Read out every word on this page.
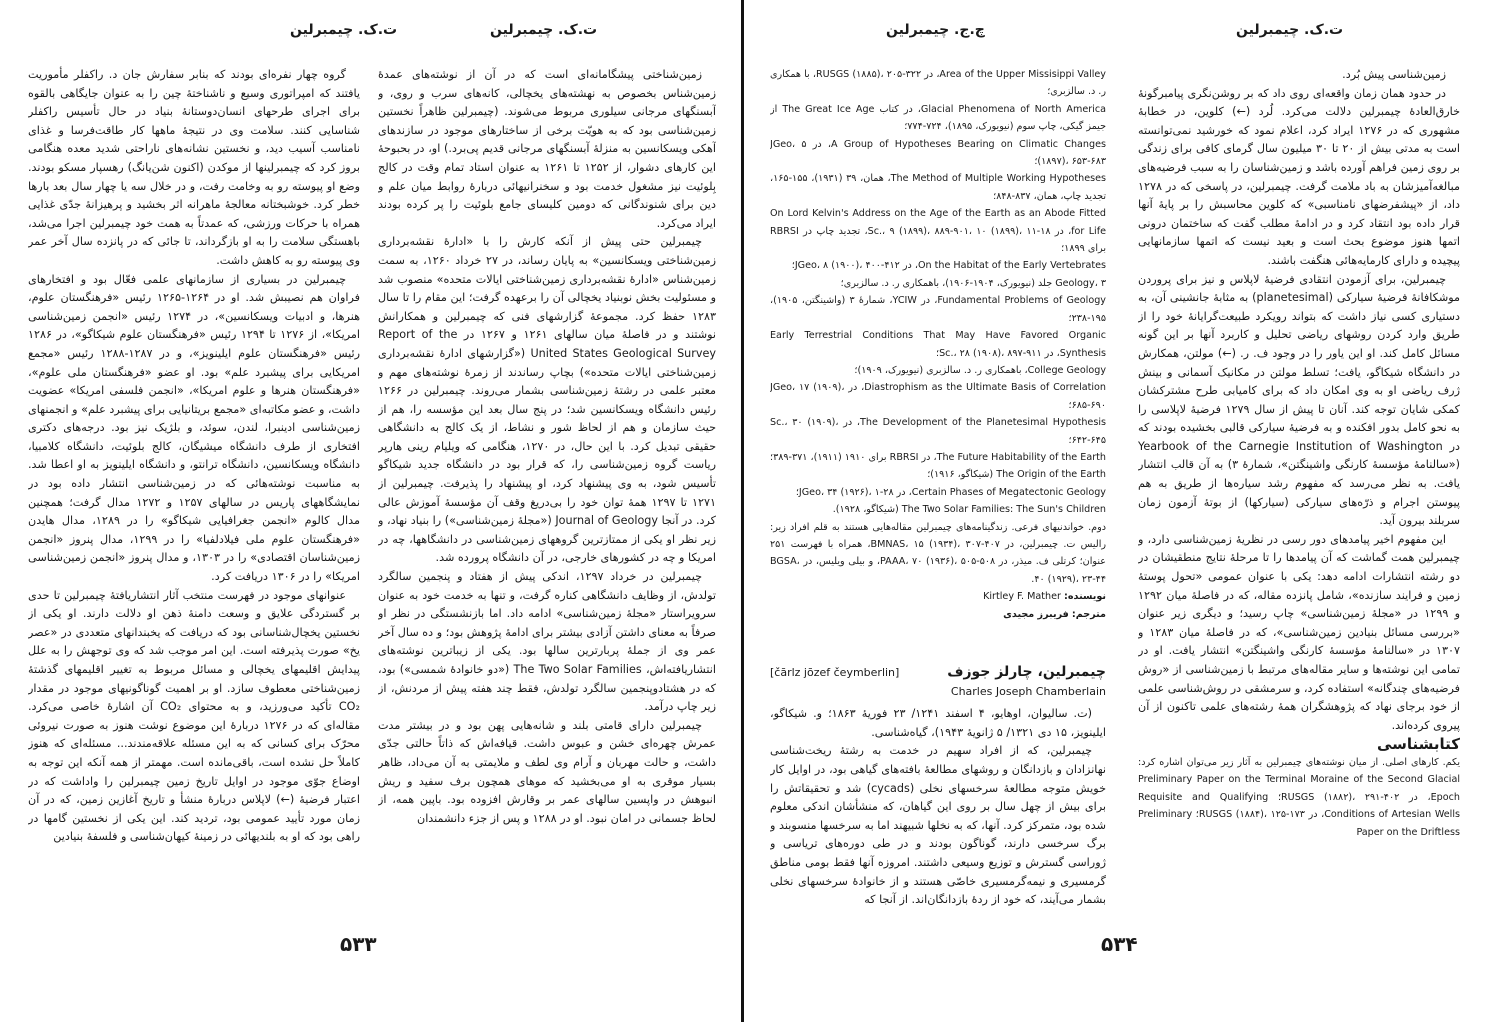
ت.ک. چیمبرلین	ت.ک. چیمبرلین

زمین‌شناختی پیشگامانه‌ای است که در آن از نوشته‌های عمدهٔ زمین‌شناس بخصوص به نهشته‌های یخچالی، کانه‌های سرب و روی، و آبسنگهای مرجانی سیلوری مربوط می‌شوند. (چیمبرلین ظاهراً نخستین زمین‌شناسی بود که به هویّت برخی از ساختارهای موجود در سازندهای آهکی ویسکانسین به منزلهٔ آبسنگهای مرجانی قدیم پی‌برد.) او، در بحبوحهٔ این کارهای دشوار، از ۱۲۵۲ تا ۱۲۶۱ به عنوان استاد تمام وقت در کالج بِلوئیت نیز مشغول خدمت بود و سخنرانیهائی دربارهٔ روابط میان علم و دین برای شنوندگانی که دومین کلیسای جامع بلوئیت را پر کرده بودند ایراد می‌کرد.

چیمبرلین حتی پیش از آنکه کارش را با «ادارهٔ نقشه‌برداری زمین‌شناختی ویسکانسین» به پایان رساند، در ۲۷ خرداد ۱۲۶۰، به سمت زمین‌شناس «ادارهٔ نقشه‌برداری زمین‌شناختی ایالات متحده» منصوب شد و مسئولیت بخش نوبنیاد یخچالی آن را برعهده گرفت؛ این مقام را تا سال ۱۲۸۳ حفظ کرد. مجموعهٔ گزارشهای فنی که چیمبرلین و همکارانش نوشتند و در فاصلهٔ میان سالهای ۱۲۶۱ و ۱۲۶۷ در Report of the United States Geological Survey («گزارشهای ادارهٔ نقشه‌برداری زمین‌شناختی ایالات متحده») بچاپ رساندند از زمرهٔ نوشته‌های مهم و معتبر علمی در رشتهٔ زمین‌شناسی بشمار می‌روند. چیمبرلین در ۱۲۶۶ رئیس دانشگاه ویسکانسین شد؛ در پنج سال بعد این مؤسسه را، هم از حیث سازمان و هم از لحاظ شور و نشاط، از یک کالج به دانشگاهی حقیقی تبدیل کرد. با این حال، در ۱۲۷۰، هنگامی که ویلیام رینی هارپر ریاست گروه زمین‌شناسی را، که قرار بود در دانشگاه جدید شیکاگو تأسیس شود، به وی پیشنهاد کرد، او پیشنهاد را پذیرفت. چیمبرلین از ۱۲۷۱ تا ۱۲۹۷ همهٔ توان خود را بی‌دریغ وقف آن مؤسسهٔ آموزش عالی کرد. در آنجا Journal of Geology («مجلهٔ زمین‌شناسی») را بنیاد نهاد، و زیر نظر او یکی از ممتازترین گروههای زمین‌شناسی در دانشگاهها، چه در امریکا و چه در کشورهای خارجی، در آن دانشگاه پرورده شد.

چیمبرلین در خرداد ۱۲۹۷، اندکی پیش از هفتاد و پنجمین سالگرد تولدش، از وظایف دانشگاهی کناره گرفت، و تنها به خدمت خود به عنوان سرویراستار «مجلهٔ زمین‌شناسی» ادامه داد. اما بازنشستگی در نظر او صرفاً به معنای داشتن آزادی بیشتر برای ادامهٔ پژوهش بود؛ و ده سال آخر عمر وی از جملهٔ پربارترین سالها بود. یکی از زیباترین نوشته‌های انتشاریافته‌اش، The Two Solar Families («دو خانوادهٔ شمسی») بود، که در هشتادوپنجمین سالگرد تولدش، فقط چند هفته پیش از مردنش، از زیر چاپ درآمد.

چیمبرلین دارای قامتی بلند و شانه‌هایی پهن بود و در بیشتر مدت عمرش چهره‌ای خشن و عبوس داشت. قیافه‌اش که ذاتاً حالتی جدّی داشت، و حالت مهربان و آرام وی لطف و ملایمتی به آن می‌داد، ظاهر بسیار موقری به او می‌بخشید که موهای همچون برف سفید و ریش انبوهش در واپسین سالهای عمر بر وقارش افزوده بود. باپین همه، از لحاظ جسمانی در امان نبود. او در ۱۲۸۸ و پس از جزء دانشمندان

گروه چهار نفره‌ای بودند که بنابر سفارش جان د. راکفلر مأموریت یافتند که امپراتوری وسیع و ناشناختهٔ چین را به عنوان جایگاهی بالقوه برای اجرای طرحهای انسان‌دوستانهٔ بنیاد در حال تأسیس راکفلر شناسایی کنند. سلامت وی در نتیجهٔ ماهها کار طاقت‌فرسا و غذای نامناسب آسیب دید، و نخستین نشانه‌های ناراحتی شدید معده هنگامی بروز کرد که چیمبرلینها از موکدن (اکنون شن‌یانگ) رهسپار مسکو بودند. وضع او پیوسته رو به وخامت رفت، و در خلال سه یا چهار سال بعد بارها خطر کرد. خوشبختانه معالجهٔ ماهرانه اثر بخشید و پرهیزانهٔ جدّی غذایی همراه با حرکات ورزشی، که عمدتاً به همت خود چیمبرلین اجرا می‌شد، باهستگی سلامت را به او بازگرداند، تا جائی که در پانزده سال آخر عمر وی پیوسته رو به کاهش داشت.

چیمبرلین در بسیاری از سازمانهای علمی فعّال بود و افتخارهای فراوان هم نصیبش شد. او در ۱۲۶۴-۱۲۶۵ رئیس «فرهنگستان علوم، هنرها، و ادبیات ویسکانسین»، در ۱۲۷۴ رئیس «انجمن زمین‌شناسی امریکا»، از ۱۲۷۶ تا ۱۲۹۴ رئیس «فرهنگستان علوم شیکاگو»، در ۱۲۸۶ رئیس «فرهنگستان علوم ایلینویز»، و در ۱۲۸۷-۱۲۸۸ رئیس «مجمع امریکایی برای پیشبرد علم» بود. او عضو «فرهنگستان ملی علوم»، «فرهنگستان هنرها و علوم امریکا»، «انجمن فلسفی امریکا» عضویت داشت، و عضو مکاتبه‌ای «مجمع بریتانیایی برای پیشبرد علم» و انجمنهای زمین‌شناسی ادینبرا، لندن، سوئد، و بلژیک نیز بود. درجه‌های دکتری افتخاری از طرف دانشگاه میشیگان، کالج بلوئیت، دانشگاه کلامبیا، دانشگاه ویسکانسین، دانشگاه ترانتو، و دانشگاه ایلینویز به او اعطا شد. به مناسبت نوشته‌هائی که در زمین‌شناسی انتشار داده بود در نمایشگاههای پاریس در سالهای ۱۲۵۷ و ۱۲۷۲ مدال گرفت؛ همچنین مدال کالوم «انجمن جغرافیایی شیکاگو» را در ۱۲۸۹، مدال هایدن «فرهنگستان علوم ملی فیلادلفیا» را در ۱۲۹۹، مدال پنروز «انجمن زمین‌شناسان اقتصادی» را در ۱۳۰۳، و مدال پنروز «انجمن زمین‌شناسی امریکا» را در ۱۳۰۶ دریافت کرد.

عنوانهای موجود در فهرست منتخب آثار انتشاریافتهٔ چیمبرلین تا حدی بر گستردگی علایق و وسعت دامنهٔ ذهن او دلالت دارند. او یکی از نخستین یخچال‌شناسانی بود که دریافت که یخبندانهای متعددی در «عصر یخ» صورت پذیرفته است. این امر موجب شد که وی توجهش را به علل پیدایش اقلیمهای یخچالی و مسائل مربوط به تغییر اقلیمهای گذشتهٔ زمین‌شناختی معطوف سازد. او بر اهمیت گوناگونیهای موجود در مقدار CO₂ تأکید می‌ورزید، و به محتوای CO₂ آن اشارهٔ خاصی می‌کرد. مقاله‌ای که در ۱۲۷۶ دربارهٔ این موضوع نوشت هنوز به صورت نیروئی محرّک برای کسانی که به این مسئله علاقه‌مندند... مسئله‌ای که هنوز کاملاً حل نشده است، باقی‌مانده است. مهمتر از همه آنکه این توجه به اوضاع جوّی موجود در اوایل تاریخ زمین چیمبرلین را واداشت که در اعتبار فرضیهٔ (←) لاپلاس دربارهٔ منشأ و تاریخ آغازین زمین، که در آن زمان مورد تأیید عمومی بود، تردید کند. این یکی از نخستین گامها در راهی بود که او به بلندیهائی در زمینهٔ کیهان‌شناسی و فلسفهٔ بنیادین

۵۳۳
ت.ک. چیمبرلین
چ.ج. چیمبرلین

زمین‌شناسی پیش بُرد.

در حدود همان زمان واقعه‌ای روی داد که بر روشن‌نگری پیامبرگونهٔ خارق‌العادهٔ چیمبرلین دلالت می‌کرد. لُرد (←) کلوین، در خطابهٔ مشهوری که در ۱۲۷۶ ایراد کرد، اعلام نمود که خورشید نمی‌توانسته است به مدتی بیش از ۲۰ تا ۳۰ میلیون سال گرمای کافی برای زندگی بر روی زمین فراهم آورده باشد و زمین‌شناسان را به سبب فرضیه‌های مبالغه‌آمیزشان به باد ملامت گرفت. چیمبرلین، در پاسخی که در ۱۲۷۸ داد، از «پیشفرضهای نامناسبی» که کلوین محاسبش را بر پایهٔ آنها قرار داده بود انتقاد کرد و در ادامهٔ مطلب گفت که ساختمان درونی اتمها هنوز موضوع بحث است و بعید نیست که اتمها سازمانهایی پیچیده و دارای کارمایه‌هائی هنگفت باشند.

چیمبرلین، برای آزمودن انتقادی فرضیهٔ لاپلاس و نیز برای پروردن موشکافانهٔ فرضیهٔ سیارکی (planetesimal) به مثابهٔ جانشینی آن، به دستیاری کسی نیاز داشت که بتواند رویکرد طبیعت‌گرایانهٔ خود را از طریق وارد کردن روشهای ریاضی تحلیل و کاربرد آنها بر این گونه مسائل کامل کند. او این یاور را در وجود ف. ر. (←) مولتن، همکارش در دانشگاه شیکاگو، یافت؛ تسلط مولتن در مکانیک آسمانی و بینش ژرف ریاضی او به وی امکان داد که برای کامیابی طرح مشترکشان کمکی شایان توجه کند. آنان تا پیش از سال ۱۲۷۹ فرضیهٔ لاپلاسی را به نحو کامل بدور افکنده و به فرضیهٔ سیارکی قالبی بخشیده بودند که در Yearbook of the Carnegie Institution of Washington («سالنامهٔ مؤسسهٔ کارنگی واشینگتن»، شمارهٔ ۳) به آن قالب انتشار یافت. به نظر می‌رسد که مفهوم رشد سیاره‌ها از طریق به هم پیوستن اجرام و ذرّه‌های سیارکی (سیارکها) از بوتهٔ آزمون زمان سربلند بیرون آید.

این مفهوم اخیر پیامدهای دور رسی در نظریهٔ زمین‌شناسی دارد، و چیمبرلین همت گماشت که آن پیامدها را تا مرحلهٔ نتایج منطقیشان در دو رشته انتشارات ادامه دهد: یکی با عنوان عمومی «تحول پوستهٔ زمین و فرایند سازنده»، شامل پانزده مقاله، که در فاصلهٔ میان ۱۲۹۲ و ۱۲۹۹ در «مجلهٔ زمین‌شناسی» چاپ رسید؛ و دیگری زیر عنوان «بررسی مسائل بنیادین زمین‌شناسی»، که در فاصلهٔ میان ۱۲۸۳ و ۱۳۰۷ در «سالنامهٔ مؤسسهٔ کارنگی واشینگتن» انتشار یافت. او در تمامی این نوشته‌ها و سایر مقاله‌های مرتبط با زمین‌شناسی از «روش فرضیه‌های چندگانه» استفاده کرد، و سرمشقی در روش‌شناسی علمی از خود برجای نهاد که پژوهشگران همهٔ رشته‌های علمی تاکنون از آن پیروی کرده‌اند.

کتابشناسی

یکم. کارهای اصلی. از میان نوشته‌های چیمبرلین به آثار زیر می‌توان اشاره کرد: Preliminary Paper on the Terminal Moraine of the Second Glacial Epoch، در RUSGS (۱۸۸۲)، ۲۹۱-۴۰۲؛ Requisite and Qualifying Conditions of Artesian Wells، در RUSGS (۱۸۸۴)، ۱۲۵-۱۷۳؛ Preliminary Paper on the Driftless

Area of the Upper Missisippi Valley، در RUSGS (۱۸۸۵)، ۲۰۵-۳۲۲، با همکاری ر. د. سالزبری؛

Glacial Phenomena of North America، در کتاب The Great Ice Age از جیمز گیکی، چاپ سوم (نیویورک، ۱۸۹۵)، ۷۲۴-۷۷۴؛

A Group of Hypotheses Bearing on Climatic Changes، در JGeo، ۵ (۱۸۹۷)، ۶۵۳-۶۸۳؛

The Method of Multiple Working Hypotheses، همان، ۳۹ (۱۹۳۱)، ۱۵۵-۱۶۵، تجدید چاپ، همان، ۸۳۷-۸۴۸؛

On Lord Kelvin's Address on the Age of the Earth as an Abode Fitted for Life، در Sc.، ۹ (۱۸۹۹)، ۸۸۹-۹۰۱، ۱۰ (۱۸۹۹)، ۱۱-۱۸، تجدید چاپ در RBRSI برای ۱۸۹۹؛

On the Habitat of the Early Vertebrates، در JGeo، ۸ (۱۹۰۰)، ۴۰۰-۴۱۲؛

Geology، ۳ جلد (نیویورک، ۱۹۰۴-۱۹۰۶)، باهمکاری ر. د. سالزبری؛

Fundamental Problems of Geology، در YCIW، شمارهٔ ۳ (واشینگتن، ۱۹۰۵)، ۱۹۵-۲۳۸؛

Early Terrestrial Conditions That May Have Favored Organic Synthesis، در Sc.، ۲۸ (۱۹۰۸)، ۸۹۷-۹۱۱؛

College Geology، باهمکاری ر. د. سالزبری (نیویورک، ۱۹۰۹)؛

Diastrophism as the Ultimate Basis of Correlation، در JGeo، ۱۷ (۱۹۰۹)، ۶۸۵-۶۹۰؛

The Development of the Planetesimal Hypothesis، در Sc.، ۳۰ (۱۹۰۹)، ۶۴۲-۶۴۵؛

The Future Habitability of the Earth، در RBRSI برای ۱۹۱۰ (۱۹۱۱)، ۳۷۱-۳۸۹؛

The Origin of the Earth (شیکاگو، ۱۹۱۶)؛

Certain Phases of Megatectonic Geology، در JGeo، ۳۴ (۱۹۲۶)، ۱-۲۸؛

The Two Solar Families: The Sun's Children (شیکاگو، ۱۹۲۸).

دوم. خواندنیهای فرعی. زندگینامه‌های چیمبرلین مقاله‌هایی هستند به قلم افراد زیر: رالیس ت. چیمبرلین، در BMNAS، ۱۵ (۱۹۳۴)، ۳۰۷-۴۰۷، همراه با فهرست ۲۵۱ عنوان؛ کرتلی ف. میذر، در PAAA، ۷۰ (۱۹۳۶)، ۵۰۵-۵۰۸، و بیلی ویلیس، در BGSA، ۴۰ (۱۹۲۹)، ۲۳-۴۴.

نویسنده: Kirtley F. Mather

مترجم: فریبرز مجیدی

چیمبرلین، چارلز جوزف
[čārlz jōzef čeymberlin]
Charles Joseph Chamberlain

(ت. سالیوان، اوهایو، ۴ اسفند ۱۲۴۱/ ۲۳ فوریهٔ ۱۸۶۳؛ و. شیکاگو، ایلینویز، ۱۵ دی ۱۳۲۱/ ۵ ژانویهٔ ۱۹۴۳)، گیاه‌شناسی.

چیمبرلین، که از افراد سهیم در خدمت به رشتهٔ ریخت‌شناسی نهانزادان و بازدانگان و روشهای مطالعهٔ بافته‌های گیاهی بود، در اوایل کار خویش متوجه مطالعهٔ سرخسهای نخلی (cycads) شد و تحقیقاتش را برای بیش از چهل سال بر روی این گیاهان، که منشأشان اندکی معلوم شده بود، متمرکز کرد. آنها، که به نخلها شبیهند اما به سرخسها منسوبند و برگ سرخسی دارند، گوناگون بودند و در طی دوره‌های تریاسی و ژوراسی گسترش و توزیع وسیعی داشتند. امروزه آنها فقط بومی مناطق گرمسیری و نیمه‌گرمسیری خاصّی هستند و از خانوادهٔ سرخسهای نخلی بشمار می‌آیند، که خود از ردهٔ بازدانگان‌اند. از آنجا که

۵۳۴
